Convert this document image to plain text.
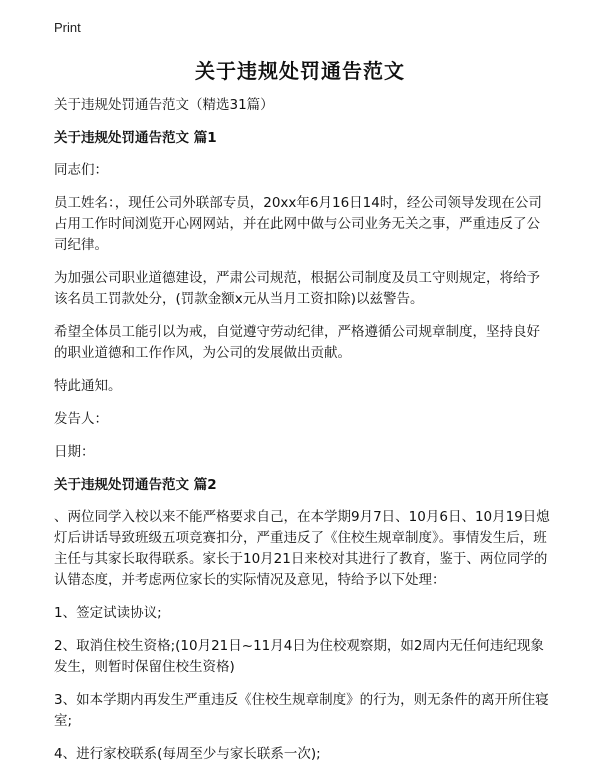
Print
关于违规处罚通告范文

关于违规处罚通告范文（精选31篇）

关于违规处罚通告范文 篇1

同志们：

员工姓名：，现任公司外联部专员，20xx年6月16日14时，经公司领导发现在公司占用工作时间浏览开心网网站，并在此网中做与公司业务无关之事，严重违反了公司纪律。

为加强公司职业道德建设，严肃公司规范，根据公司制度及员工守则规定，将给予该名员工罚款处分，(罚款金额x元从当月工资扣除)以兹警告。

希望全体员工能引以为戒，自觉遵守劳动纪律，严格遵循公司规章制度，坚持良好的职业道德和工作作风，为公司的发展做出贡献。

特此通知。

发告人：

日期：

关于违规处罚通告范文 篇2

、两位同学入校以来不能严格要求自己，在本学期9月7日、10月6日、10月19日熄灯后讲话导致班级五项竞赛扣分，严重违反了《住校生规章制度》。事情发生后，班主任与其家长取得联系。家长于10月21日来校对其进行了教育，鉴于、两位同学的认错态度，并考虑两位家长的实际情况及意见，特给予以下处理：

1、签定试读协议;

2、取消住校生资格;(10月21日~11月4日为住校观察期，如2周内无任何违纪现象发生，则暂时保留住校生资格)

3、如本学期内再发生严重违反《住校生规章制度》的行为，则无条件的离开所住寝室;

4、进行家校联系(每周至少与家长联系一次);
